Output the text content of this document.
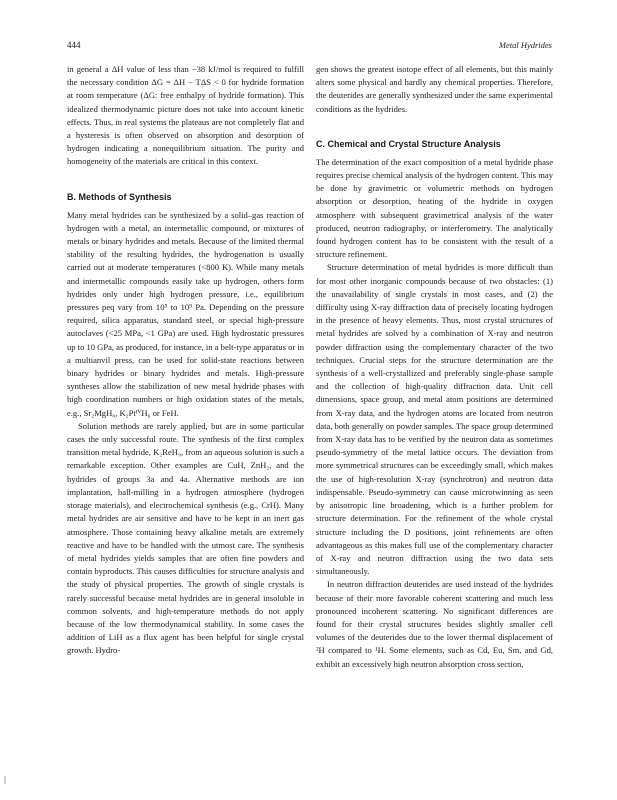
444	Metal Hydrides

in general a ΔH value of less than −38 kJ/mol is required to fulfill the necessary condition ΔG = ΔH − TΔS < 0 for hydride formation at room temperature (ΔG: free enthalpy of hydride formation). This idealized thermodynamic picture does not take into account kinetic effects. Thus, in real systems the plateaus are not completely flat and a hysteresis is often observed on absorption and desorption of hydrogen indicating a nonequilibrium situation. The purity and homogeneity of the materials are critical in this context.

B. Methods of Synthesis

Many metal hydrides can be synthesized by a solid–gas reaction of hydrogen with a metal, an intermetallic compound, or mixtures of metals or binary hydrides and metals. Because of the limited thermal stability of the resulting hydrides, the hydrogenation is usually carried out at moderate temperatures (<800 K). While many metals and intermetallic compounds easily take up hydrogen, others form hydrides only under high hydrogen pressure, i.e., equilibrium pressures peq vary from 10⁵ to 10⁹ Pa. Depending on the pressure required, silica apparatus, standard steel, or special high-pressure autoclaves (<25 MPa, <1 GPa) are used. High hydrostatic pressures up to 10 GPa, as produced, for instance, in a belt-type apparatus or in a multianvil press, can be used for solid-state reactions between binary hydrides or binary hydrides and metals. High-pressure syntheses allow the stabilization of new metal hydride phases with high coordination numbers or high oxidation states of the metals, e.g., Sr₂MgH₆, K₂PtᴵⱽH₆ or FeH.

Solution methods are rarely applied, but are in some particular cases the only successful route. The synthesis of the first complex transition metal hydride, K₂ReH₉, from an aqueous solution is such a remarkable exception. Other examples are CuH, ZnH₂, and the hydrides of groups 3a and 4a. Alternative methods are ion implantation, ball-milling in a hydrogen atmosphere (hydrogen storage materials), and electrochemical synthesis (e.g., CrH). Many metal hydrides are air sensitive and have to be kept in an inert gas atmosphere. Those containing heavy alkaline metals are extremely reactive and have to be handled with the utmost care. The synthesis of metal hydrides yields samples that are often fine powders and contain byproducts. This causes difficulties for structure analysis and the study of physical properties. The growth of single crystals is rarely successful because metal hydrides are in general insoluble in common solvents, and high-temperature methods do not apply because of the low thermodynamical stability. In some cases the addition of LiH as a flux agent has been helpful for single crystal growth. Hydro-

gen shows the greatest isotope effect of all elements, but this mainly alters some physical and hardly any chemical properties. Therefore, the deuterides are generally synthesized under the same experimental conditions as the hydrides.

C. Chemical and Crystal Structure Analysis

The determination of the exact composition of a metal hydride phase requires precise chemical analysis of the hydrogen content. This may be done by gravimetric or volumetric methods on hydrogen absorption or desorption, heating of the hydride in oxygen atmosphere with subsequent gravimetrical analysis of the water produced, neutron radiography, or interferometry. The analytically found hydrogen content has to be consistent with the result of a structure refinement.

Structure determination of metal hydrides is more difficult than for most other inorganic compounds because of two obstacles: (1) the unavailability of single crystals in most cases, and (2) the difficulty using X-ray diffraction data of precisely locating hydrogen in the presence of heavy elements. Thus, most crystal structures of metal hydrides are solved by a combination of X-ray and neutron powder diffraction using the complementary character of the two techniques. Crucial steps for the structure determination are the synthesis of a well-crystallized and preferably single-phase sample and the collection of high-quality diffraction data. Unit cell dimensions, space group, and metal atom positions are determined from X-ray data, and the hydrogen atoms are located from neutron data, both generally on powder samples. The space group determined from X-ray data has to be verified by the neutron data as sometimes pseudo-symmetry of the metal lattice occurs. The deviation from more symmetrical structures can be exceedingly small, which makes the use of high-resolution X-ray (synchrotron) and neutron data indispensable. Pseudo-symmetry can cause microtwinning as seen by anisotropic line broadening, which is a further problem for structure determination. For the refinement of the whole crystal structure including the D positions, joint refinements are often advantageous as this makes full use of the complementary character of X-ray and neutron diffraction using the two data sets simultaneously.

In neutron diffraction deuterides are used instead of the hydrides because of their more favorable coherent scattering and much less pronounced incoherent scattering. No significant differences are found for their crystal structures besides slightly smaller cell volumes of the deuterides due to the lower thermal displacement of ²H compared to ¹H. Some elements, such as Cd, Eu, Sm, and Gd, exhibit an excessively high neutron absorption cross section,
